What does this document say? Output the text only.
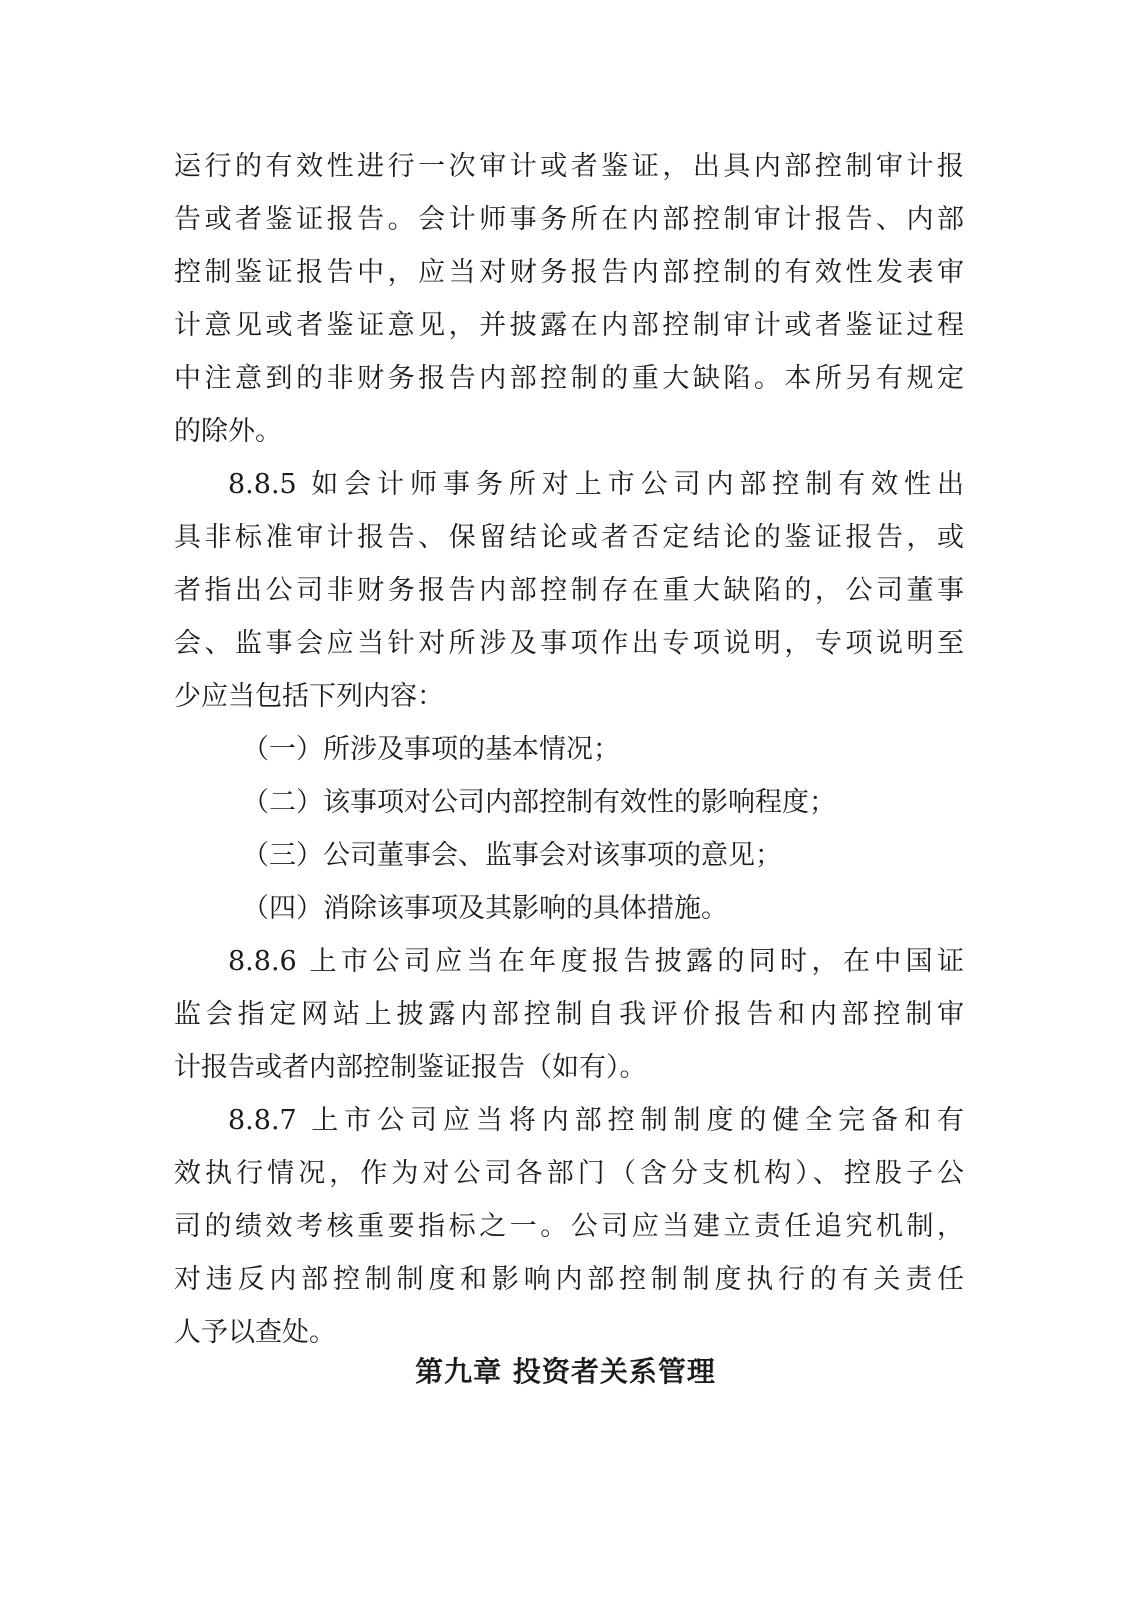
运行的有效性进行一次审计或者鉴证，出具内部控制审计报
告或者鉴证报告。会计师事务所在内部控制审计报告、内部
控制鉴证报告中，应当对财务报告内部控制的有效性发表审
计意见或者鉴证意见，并披露在内部控制审计或者鉴证过程
中注意到的非财务报告内部控制的重大缺陷。本所另有规定
的除外。
8.8.5 如会计师事务所对上市公司内部控制有效性出
具非标准审计报告、保留结论或者否定结论的鉴证报告，或
者指出公司非财务报告内部控制存在重大缺陷的，公司董事
会、监事会应当针对所涉及事项作出专项说明，专项说明至
少应当包括下列内容：
（一）所涉及事项的基本情况；
（二）该事项对公司内部控制有效性的影响程度；
（三）公司董事会、监事会对该事项的意见；
（四）消除该事项及其影响的具体措施。
8.8.6 上市公司应当在年度报告披露的同时，在中国证
监会指定网站上披露内部控制自我评价报告和内部控制审
计报告或者内部控制鉴证报告（如有）。
8.8.7 上市公司应当将内部控制制度的健全完备和有
效执行情况，作为对公司各部门（含分支机构）、控股子公
司的绩效考核重要指标之一。公司应当建立责任追究机制，
对违反内部控制制度和影响内部控制制度执行的有关责任
人予以查处。
第九章 投资者关系管理
